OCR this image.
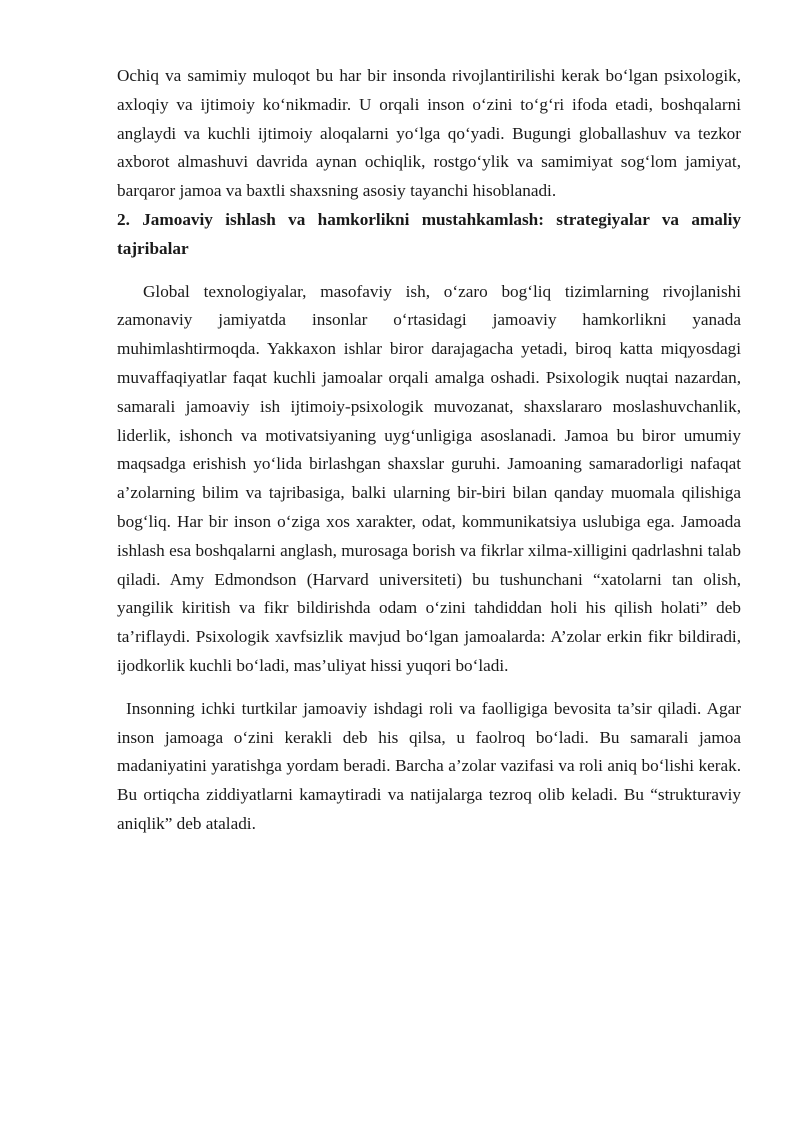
Ochiq va samimiy muloqot bu har bir insonda rivojlantirilishi kerak bo‘lgan psixologik, axloqiy va ijtimoiy ko‘nikmadir. U orqali inson o‘zini to‘g‘ri ifoda etadi, boshqalarni anglaydi va kuchli ijtimoiy aloqalarni yo‘lga qo‘yadi. Bugungi globallashuv va tezkor axborot almashuvi davrida aynan ochiqlik, rostgo‘ylik va samimiyat sog‘lom jamiyat, barqaror jamoa va baxtli shaxsning asosiy tayanchi hisoblanadi.

2. Jamoaviy ishlash va hamkorlikni mustahkamlash: strategiyalar va amaliy tajribalar

Global texnologiyalar, masofaviy ish, o‘zaro bog‘liq tizimlarning rivojlanishi zamonaviy jamiyatda insonlar o‘rtasidagi jamoaviy hamkorlikni yanada muhimlashtirmoqda. Yakkaxon ishlar biror darajagacha yetadi, biroq katta miqyosdagi muvaffaqiyatlar faqat kuchli jamoalar orqali amalga oshadi. Psixologik nuqtai nazardan, samarali jamoaviy ish ijtimoiy-psixologik muvozanat, shaxslararo moslashuvchanlik, liderlik, ishonch va motivatsiyaning uyg‘unligiga asoslanadi. Jamoa bu biror umumiy maqsadga erishish yo‘lida birlashgan shaxslar guruhi. Jamoaning samaradorligi nafaqat a’zolarning bilim va tajribasiga, balki ularning bir-biri bilan qanday muomala qilishiga bog‘liq. Har bir inson o‘ziga xos xarakter, odat, kommunikatsiya uslubiga ega. Jamoada ishlash esa boshqalarni anglash, murosaga borish va fikrlar xilma-xilligini qadrlashni talab qiladi. Amy Edmondson (Harvard universiteti) bu tushunchani “xatolarni tan olish, yangilik kiritish va fikr bildirishda odam o‘zini tahdiddan holi his qilish holati” deb ta’riflaydi. Psixologik xavfsizlik mavjud bo‘lgan jamoalarda: A’zolar erkin fikr bildiradi, ijodkorlik kuchli bo‘ladi, mas’uliyat hissi yuqori bo‘ladi.

Insonning ichki turtkilar jamoaviy ishdagi roli va faolligiga bevosita ta’sir qiladi. Agar inson jamoaga o‘zini kerakli deb his qilsa, u faolroq bo‘ladi. Bu samarali jamoa madaniyatini yaratishga yordam beradi. Barcha a’zolar vazifasi va roli aniq bo‘lishi kerak. Bu ortiqcha ziddiyatlarni kamaytiradi va natijalarga tezroq olib keladi. Bu “strukturaviy aniqlik” deb ataladi.
